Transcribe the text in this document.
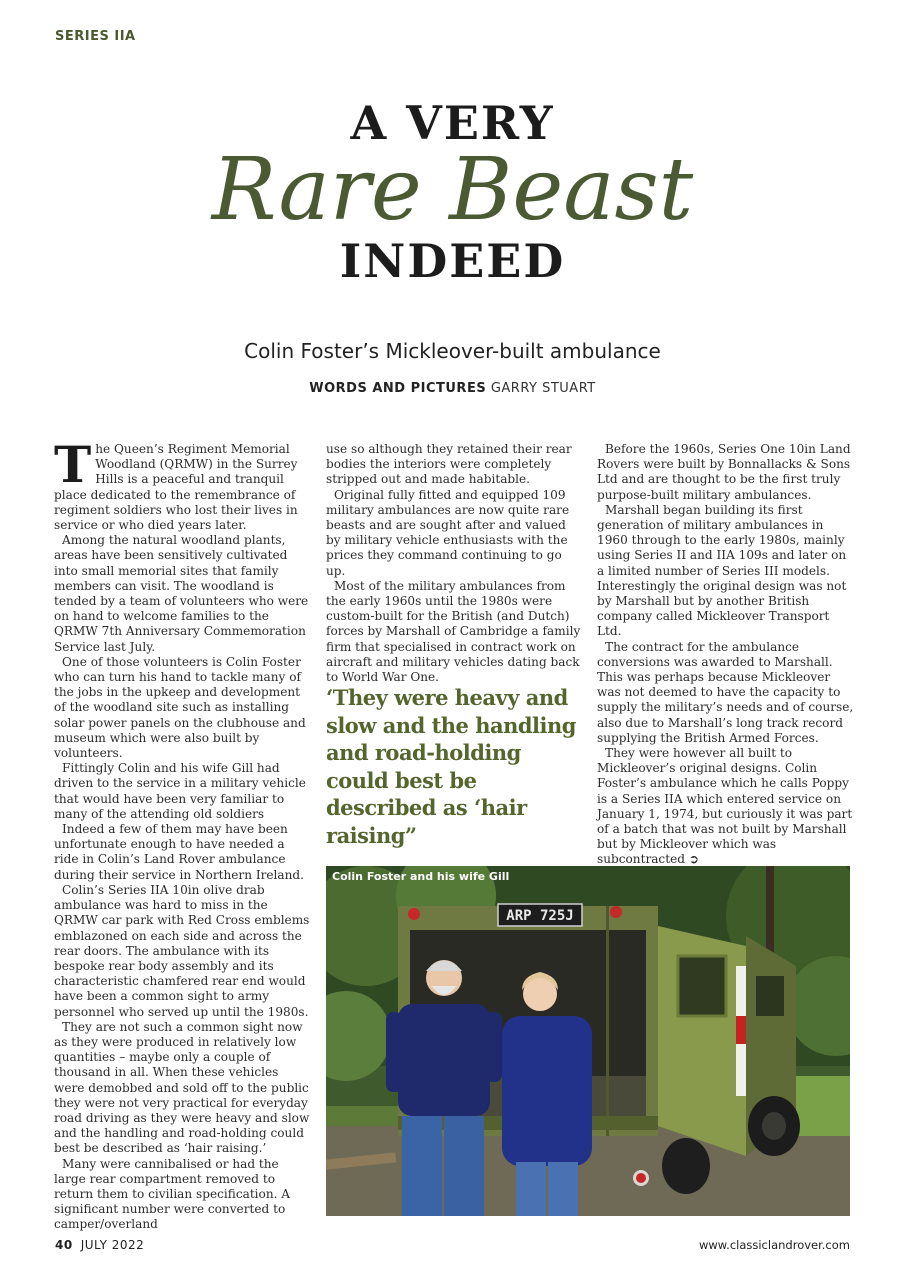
SERIES IIA
A VERY
Rare Beast
INDEED
Colin Foster’s Mickleover-built ambulance
WORDS AND PICTURES GARRY STUART

The Queen’s Regiment Memorial Woodland (QRMW) in the Surrey Hills is a peaceful and tranquil place dedicated to the remembrance of regiment soldiers who lost their lives in service or who died years later.

Among the natural woodland plants, areas have been sensitively cultivated into small memorial sites that family members can visit. The woodland is tended by a team of volunteers who were on hand to welcome families to the QRMW 7th Anniversary Commemoration Service last July.

One of those volunteers is Colin Foster who can turn his hand to tackle many of the jobs in the upkeep and development of the woodland site such as installing solar power panels on the clubhouse and museum which were also built by volunteers.

Fittingly Colin and his wife Gill had driven to the service in a military vehicle that would have been very familiar to many of the attending old soldiers

Indeed a few of them may have been unfortunate enough to have needed a ride in Colin’s Land Rover ambulance during their service in Northern Ireland.

Colin’s Series IIA 10in olive drab ambulance was hard to miss in the QRMW car park with Red Cross emblems emblazoned on each side and across the rear doors. The ambulance with its bespoke rear body assembly and its characteristic chamfered rear end would have been a common sight to army personnel who served up until the 1980s.

They are not such a common sight now as they were produced in relatively low quantities – maybe only a couple of thousand in all. When these vehicles were demobbed and sold off to the public they were not very practical for everyday road driving as they were heavy and slow and the handling and road-holding could best be described as ‘hair raising.’

Many were cannibalised or had the large rear compartment removed to return them to civilian specification. A significant number were converted to camper/overland

use so although they retained their rear bodies the interiors were completely stripped out and made habitable.

Original fully fitted and equipped 109 military ambulances are now quite rare beasts and are sought after and valued by military vehicle enthusiasts with the prices they command continuing to go up.

Most of the military ambulances from the early 1960s until the 1980s were custom-built for the British (and Dutch) forces by Marshall of Cambridge a family firm that specialised in contract work on aircraft and military vehicles dating back to World War One.

‘They were heavy and slow and the handling and road-holding could best be described as ‘hair raising”

Before the 1960s, Series One 10in Land Rovers were built by Bonnallacks & Sons Ltd and are thought to be the first truly purpose-built military ambulances.

Marshall began building its first generation of military ambulances in 1960 through to the early 1980s, mainly using Series II and IIA 109s and later on a limited number of Series III models. Interestingly the original design was not by Marshall but by another British company called Mickleover Transport Ltd.

The contract for the ambulance conversions was awarded to Marshall. This was perhaps because Mickleover was not deemed to have the capacity to supply the military’s needs and of course, also due to Marshall’s long track record supplying the British Armed Forces.

They were however all built to Mickleover’s original designs. Colin Foster’s ambulance which he calls Poppy is a Series IIA which entered service on January 1, 1974, but curiously it was part of a batch that was not built by Marshall but by Mickleover which was subcontracted ➲

ARP 725J
Colin Foster and his wife Gill
40 JULY 2022	www.classiclandrover.com
